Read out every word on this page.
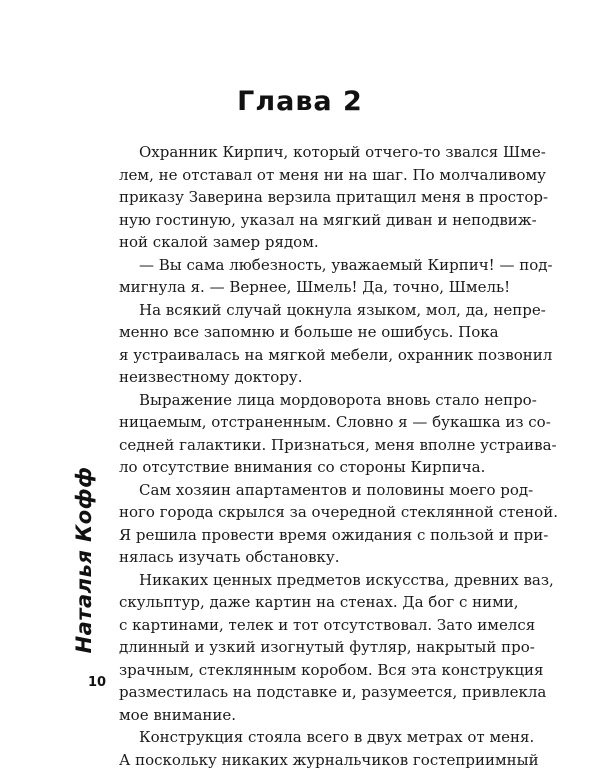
Глава 2
Охранник Кирпич, который отчего-то звался Шме-
лем, не отставал от меня ни на шаг. По молчаливому
приказу Заверина верзила притащил меня в простор-
ную гостиную, указал на мягкий диван и неподвиж-
ной скалой замер рядом.
— Вы сама любезность, уважаемый Кирпич! — под-
мигнула я. — Вернее, Шмель! Да, точно, Шмель!
На всякий случай цокнула языком, мол, да, непре-
менно все запомню и больше не ошибусь. Пока
я устраивалась на мягкой мебели, охранник позвонил
неизвестному доктору.
Выражение лица мордоворота вновь стало непро-
ницаемым, отстраненным. Словно я — букашка из со-
седней галактики. Признаться, меня вполне устраива-
ло отсутствие внимания со стороны Кирпича.
Сам хозяин апартаментов и половины моего род-
ного города скрылся за очередной стеклянной стеной.
Я решила провести время ожидания с пользой и при-
нялась изучать обстановку.
Никаких ценных предметов искусства, древних ваз,
скульптур, даже картин на стенах. Да бог с ними,
с картинами, телек и тот отсутствовал. Зато имелся
длинный и узкий изогнутый футляр, накрытый про-
зрачным, стеклянным коробом. Вся эта конструкция
разместилась на подставке и, разумеется, привлекла
мое внимание.
Конструкция стояла всего в двух метрах от меня.
А поскольку никаких журнальчиков гостеприимный
Наталья Кофф
10
